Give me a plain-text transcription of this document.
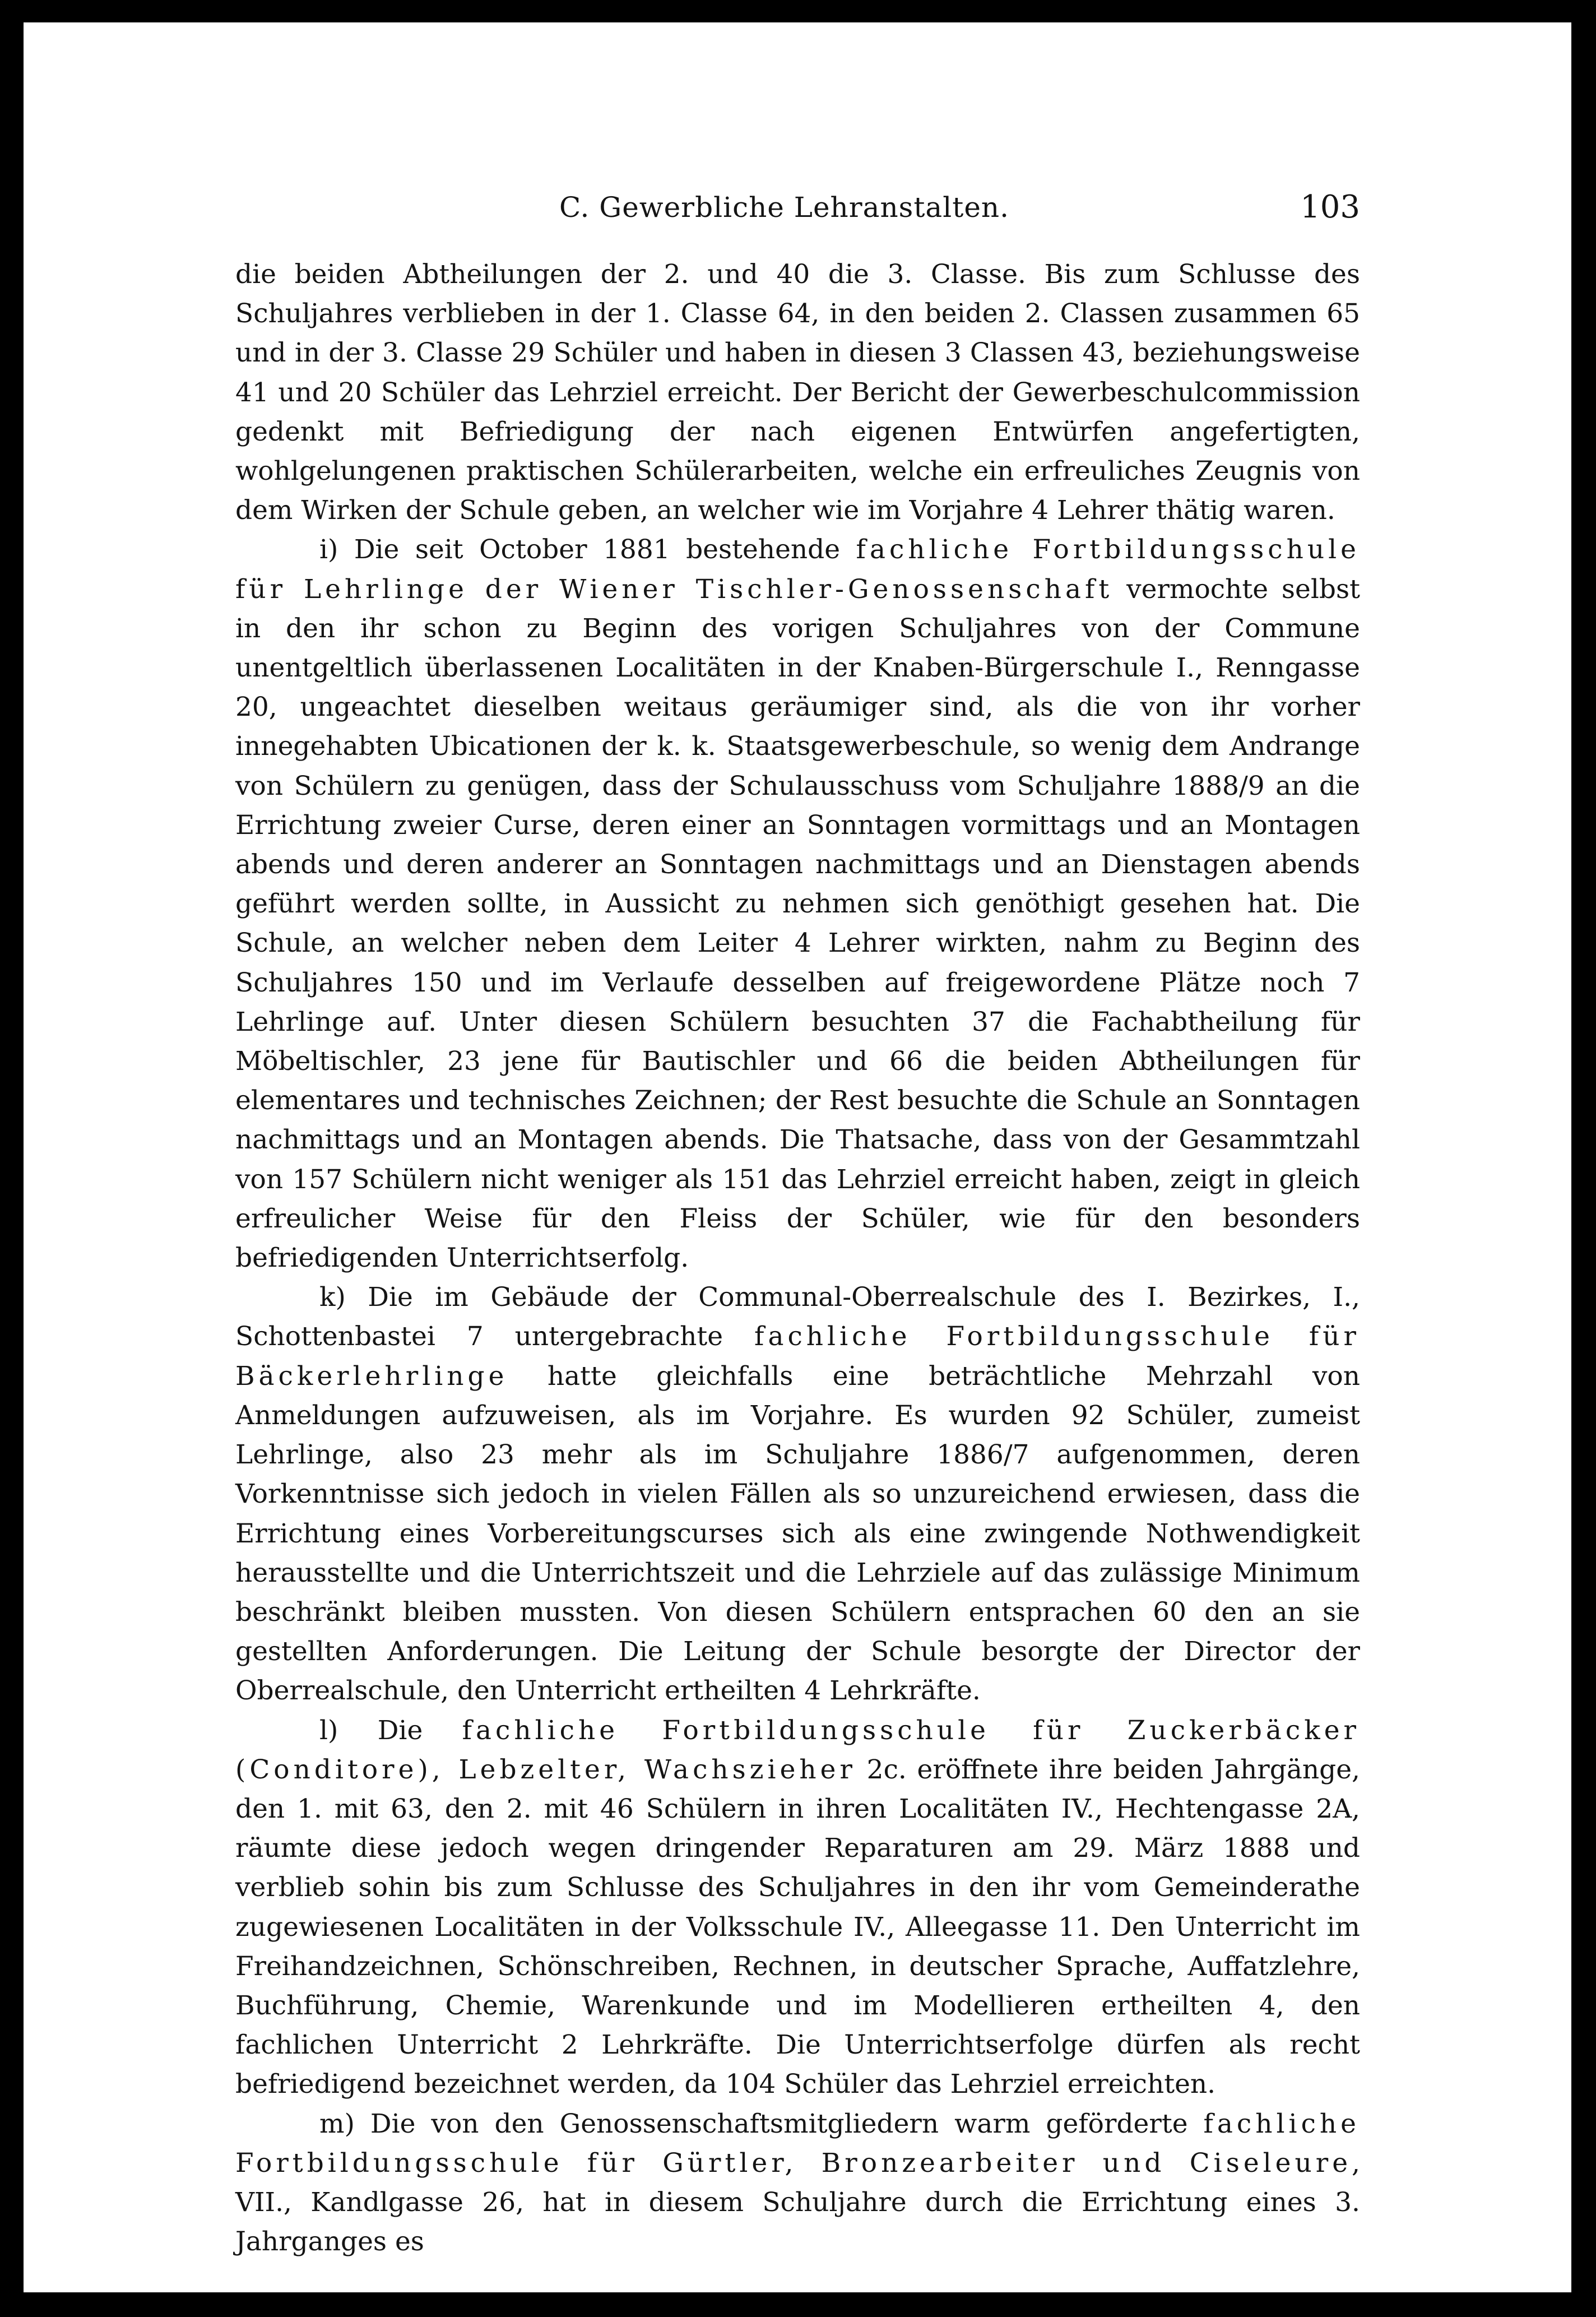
C. Gewerbliche Lehranstalten.	103

die beiden Abtheilungen der 2. und 40 die 3. Classe. Bis zum Schlusse des Schuljahres verblieben in der 1. Classe 64, in den beiden 2. Classen zusammen 65 und in der 3. Classe 29 Schüler und haben in diesen 3 Classen 43, beziehungsweise 41 und 20 Schüler das Lehrziel erreicht. Der Bericht der Gewerbeschulcommission gedenkt mit Befriedigung der nach eigenen Entwürfen angefertigten, wohlgelungenen praktischen Schülerarbeiten, welche ein erfreuliches Zeugnis von dem Wirken der Schule geben, an welcher wie im Vorjahre 4 Lehrer thätig waren.

i) Die seit October 1881 bestehende fachliche Fortbildungsschule für Lehrlinge der Wiener Tischler-Genossenschaft vermochte selbst in den ihr schon zu Beginn des vorigen Schuljahres von der Commune unentgeltlich überlassenen Localitäten in der Knaben-Bürgerschule I., Renngasse 20, ungeachtet dieselben weitaus geräumiger sind, als die von ihr vorher innegehabten Ubicationen der k. k. Staatsgewerbeschule, so wenig dem Andrange von Schülern zu genügen, dass der Schulausschuss vom Schuljahre 1888/9 an die Errichtung zweier Curse, deren einer an Sonntagen vormittags und an Montagen abends und deren anderer an Sonntagen nachmittags und an Dienstagen abends geführt werden sollte, in Aussicht zu nehmen sich genöthigt gesehen hat. Die Schule, an welcher neben dem Leiter 4 Lehrer wirkten, nahm zu Beginn des Schuljahres 150 und im Verlaufe desselben auf freigewordene Plätze noch 7 Lehrlinge auf. Unter diesen Schülern besuchten 37 die Fachabtheilung für Möbeltischler, 23 jene für Bautischler und 66 die beiden Abtheilungen für elementares und technisches Zeichnen; der Rest besuchte die Schule an Sonntagen nachmittags und an Montagen abends. Die Thatsache, dass von der Gesammtzahl von 157 Schülern nicht weniger als 151 das Lehrziel erreicht haben, zeigt in gleich erfreulicher Weise für den Fleiss der Schüler, wie für den besonders befriedigenden Unterrichtserfolg.

k) Die im Gebäude der Communal-Oberrealschule des I. Bezirkes, I., Schottenbastei 7 untergebrachte fachliche Fortbildungsschule für Bäckerlehrlinge hatte gleichfalls eine beträchtliche Mehrzahl von Anmeldungen aufzuweisen, als im Vorjahre. Es wurden 92 Schüler, zumeist Lehrlinge, also 23 mehr als im Schuljahre 1886/7 aufgenommen, deren Vorkenntnisse sich jedoch in vielen Fällen als so unzureichend erwiesen, dass die Errichtung eines Vorbereitungscurses sich als eine zwingende Nothwendigkeit herausstellte und die Unterrichtszeit und die Lehrziele auf das zulässige Minimum beschränkt bleiben mussten. Von diesen Schülern entsprachen 60 den an sie gestellten Anforderungen. Die Leitung der Schule besorgte der Director der Oberrealschule, den Unterricht ertheilten 4 Lehrkräfte.

l) Die fachliche Fortbildungsschule für Zuckerbäcker (Conditore), Lebzelter, Wachszieher 2c. eröffnete ihre beiden Jahrgänge, den 1. mit 63, den 2. mit 46 Schülern in ihren Localitäten IV., Hechtengasse 2A, räumte diese jedoch wegen dringender Reparaturen am 29. März 1888 und verblieb sohin bis zum Schlusse des Schuljahres in den ihr vom Gemeinderathe zugewiesenen Localitäten in der Volksschule IV., Alleegasse 11. Den Unterricht im Freihandzeichnen, Schönschreiben, Rechnen, in deutscher Sprache, Auffatzlehre, Buchführung, Chemie, Warenkunde und im Modellieren ertheilten 4, den fachlichen Unterricht 2 Lehrkräfte. Die Unterrichtserfolge dürfen als recht befriedigend bezeichnet werden, da 104 Schüler das Lehrziel erreichten.

m) Die von den Genossenschaftsmitgliedern warm geförderte fachliche Fortbildungsschule für Gürtler, Bronzearbeiter und Ciseleure, VII., Kandlgasse 26, hat in diesem Schuljahre durch die Errichtung eines 3. Jahrganges es
